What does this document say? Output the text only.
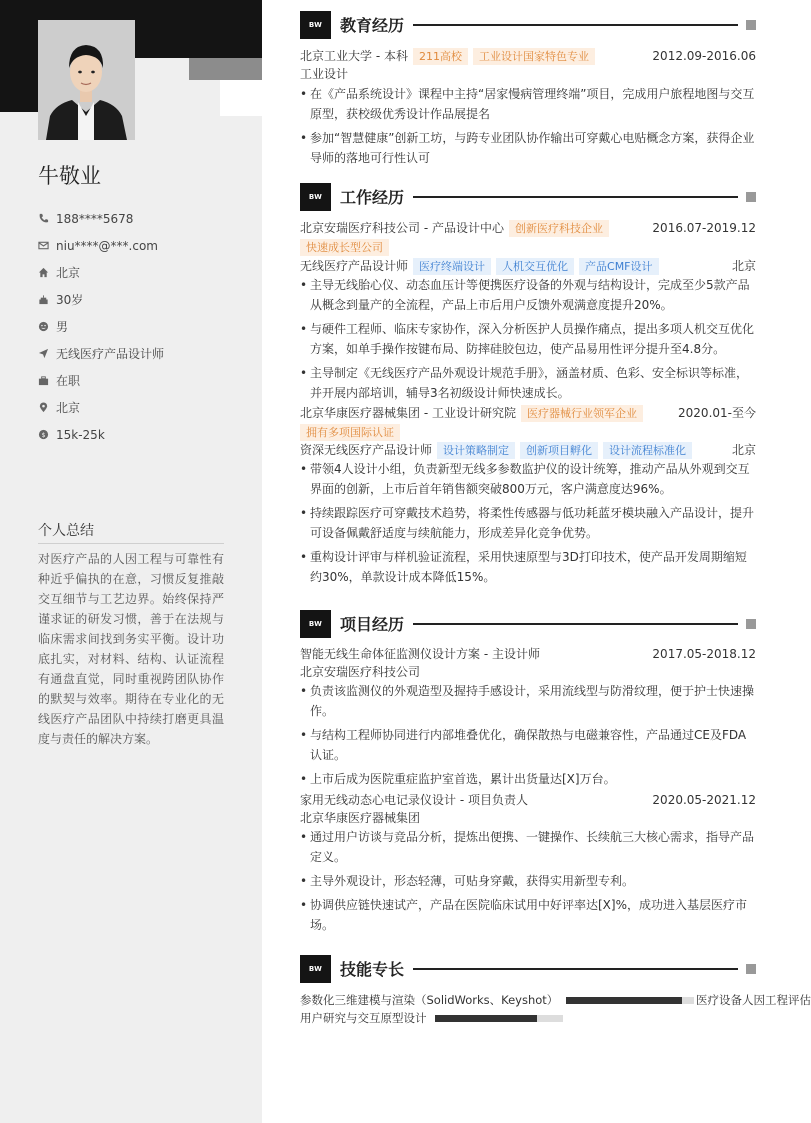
牛敬业
188****5678
niu****@***.com
北京
30岁
男
无线医疗产品设计师
在职
北京
$ 15k-25k
个人总结
对医疗产品的人因工程与可靠性有种近乎偏执的在意，习惯反复推敲交互细节与工艺边界。始终保持严谨求证的研发习惯，善于在法规与临床需求间找到务实平衡。设计功底扎实，对材料、结构、认证流程有通盘直觉，同时重视跨团队协作的默契与效率。期待在专业化的无线医疗产品团队中持续打磨更具温度与责任的解决方案。
BW	教育经历
北京工业大学 - 本科	211高校	工业设计国家特色专业	2012.09-2016.06
工业设计
• 在《产品系统设计》课程中主持“居家慢病管理终端”项目，完成用户旅程地图与交互原型，获校级优秀设计作品展提名
• 参加“智慧健康”创新工坊，与跨专业团队协作输出可穿戴心电贴概念方案，获得企业导师的落地可行性认可
BW	工作经历
北京安瑞医疗科技公司 - 产品设计中心	创新医疗科技企业	2016.07-2019.12
快速成长型公司
无线医疗产品设计师	医疗终端设计	人机交互优化	产品CMF设计	北京
• 主导无线胎心仪、动态血压计等便携医疗设备的外观与结构设计，完成至少5款产品从概念到量产的全流程，产品上市后用户反馈外观满意度提升20%。
• 与硬件工程师、临床专家协作，深入分析医护人员操作痛点，提出多项人机交互优化方案，如单手操作按键布局、防摔硅胶包边，使产品易用性评分提升至4.8分。
• 主导制定《无线医疗产品外观设计规范手册》，涵盖材质、色彩、安全标识等标准，并开展内部培训，辅导3名初级设计师快速成长。
北京华康医疗器械集团 - 工业设计研究院	医疗器械行业领军企业	2020.01-至今
拥有多项国际认证
资深无线医疗产品设计师	设计策略制定	创新项目孵化	设计流程标准化	北京
• 带领4人设计小组，负责新型无线多参数监护仪的设计统筹，推动产品从外观到交互界面的创新，上市后首年销售额突破800万元，客户满意度达96%。
• 持续跟踪医疗可穿戴技术趋势，将柔性传感器与低功耗蓝牙模块融入产品设计，提升可设备佩戴舒适度与续航能力，形成差异化竞争优势。
• 重构设计评审与样机验证流程，采用快速原型与3D打印技术，使产品开发周期缩短约30%，单款设计成本降低15%。
BW	项目经历
智能无线生命体征监测仪设计方案 - 主设计师	2017.05-2018.12
北京安瑞医疗科技公司
• 负责该监测仪的外观造型及握持手感设计，采用流线型与防滑纹理，便于护士快速操作。
• 与结构工程师协同进行内部堆叠优化，确保散热与电磁兼容性，产品通过CE及FDA认证。
• 上市后成为医院重症监护室首选，累计出货量达[X]万台。
家用无线动态心电记录仪设计 - 项目负责人	2020.05-2021.12
北京华康医疗器械集团
• 通过用户访谈与竞品分析，提炼出便携、一键操作、长续航三大核心需求，指导产品定义。
• 主导外观设计，形态轻薄，可贴身穿戴，获得实用新型专利。
• 协调供应链快速试产，产品在医院临床试用中好评率达[X]%，成功进入基层医疗市场。
BW	技能专长
参数化三维建模与渲染（SolidWorks、Keyshot）	医疗设备人因工程评估
用户研究与交互原型设计
